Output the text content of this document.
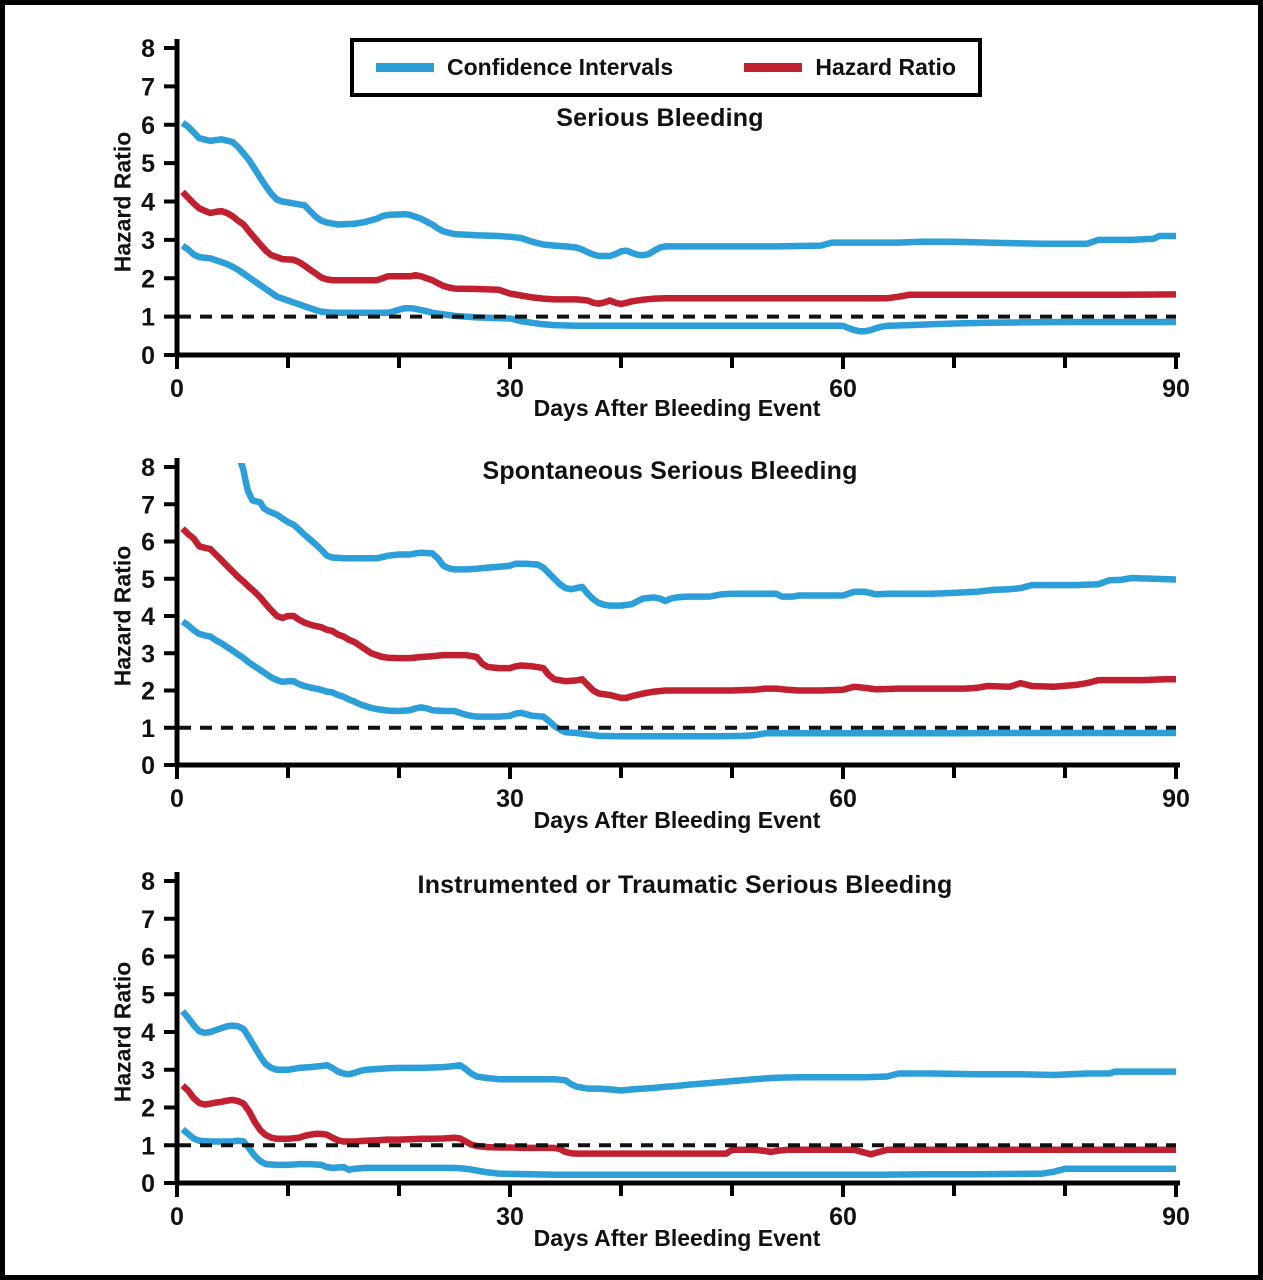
Confidence Intervals	Hazard Ratio
Serious Bleeding
Spontaneous Serious Bleeding
Instrumented or Traumatic Serious Bleeding
Hazard Ratio
Hazard Ratio
Hazard Ratio
Days After Bleeding Event
Days After Bleeding Event
Days After Bleeding Event
0
1
2
3
4
5
6
7
8
0	30	60	90
0
1
2
3
4
5
6
7
8
0	30	60	90
0
1
2
3
4
5
6
7
8
0	30	60	90
